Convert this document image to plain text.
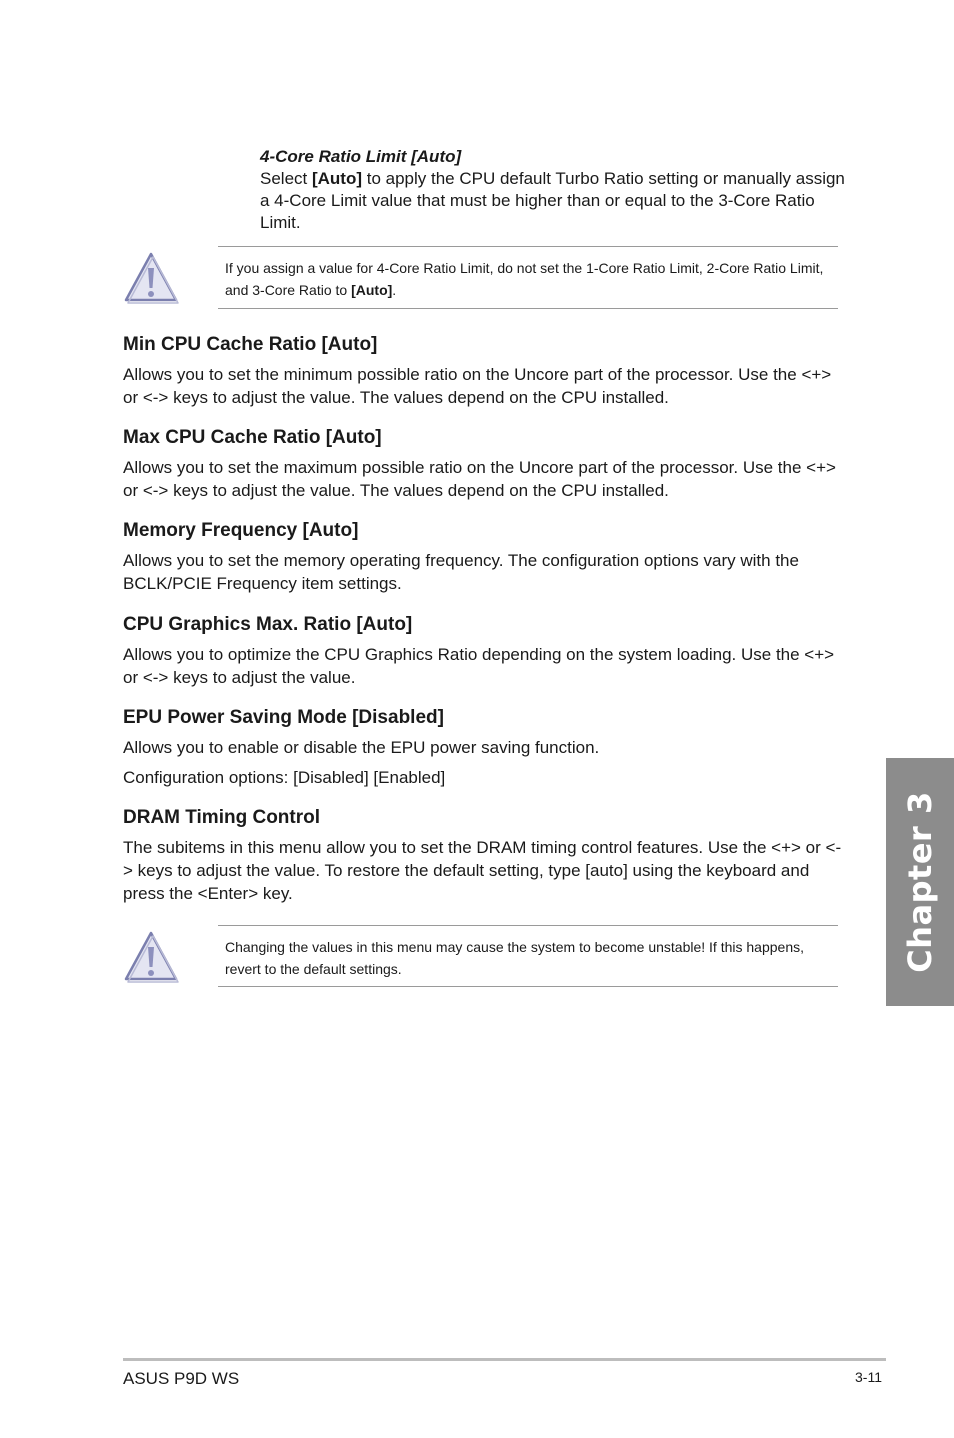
4-Core Ratio Limit [Auto]
Select [Auto] to apply the CPU default Turbo Ratio setting or manually assign a 4-Core Limit value that must be higher than or equal to the 3-Core Ratio Limit.
If you assign a value for 4-Core Ratio Limit, do not set the 1-Core Ratio Limit, 2-Core Ratio Limit, and 3-Core Ratio to [Auto].
Min CPU Cache Ratio [Auto]
Allows you to set the minimum possible ratio on the Uncore part of the processor. Use the <+> or <-> keys to adjust the value. The values depend on the CPU installed.
Max CPU Cache Ratio [Auto]
Allows you to set the maximum possible ratio on the Uncore part of the processor. Use the <+> or <-> keys to adjust the value. The values depend on the CPU installed.
Memory Frequency [Auto]
Allows you to set the memory operating frequency. The configuration options vary with the BCLK/PCIE Frequency item settings.
CPU Graphics Max. Ratio [Auto]
Allows you to optimize the CPU Graphics Ratio depending on the system loading. Use the <+> or <-> keys to adjust the value.
EPU Power Saving Mode [Disabled]
Allows you to enable or disable the EPU power saving function.
Configuration options: [Disabled] [Enabled]
DRAM Timing Control
The subitems in this menu allow you to set the DRAM timing control features. Use the <+> or <-> keys to adjust the value. To restore the default setting, type [auto] using the keyboard and press the <Enter> key.
Changing the values in this menu may cause the system to become unstable! If this happens, revert to the default settings.	Chapter 3
ASUS P9D WS	3-11
